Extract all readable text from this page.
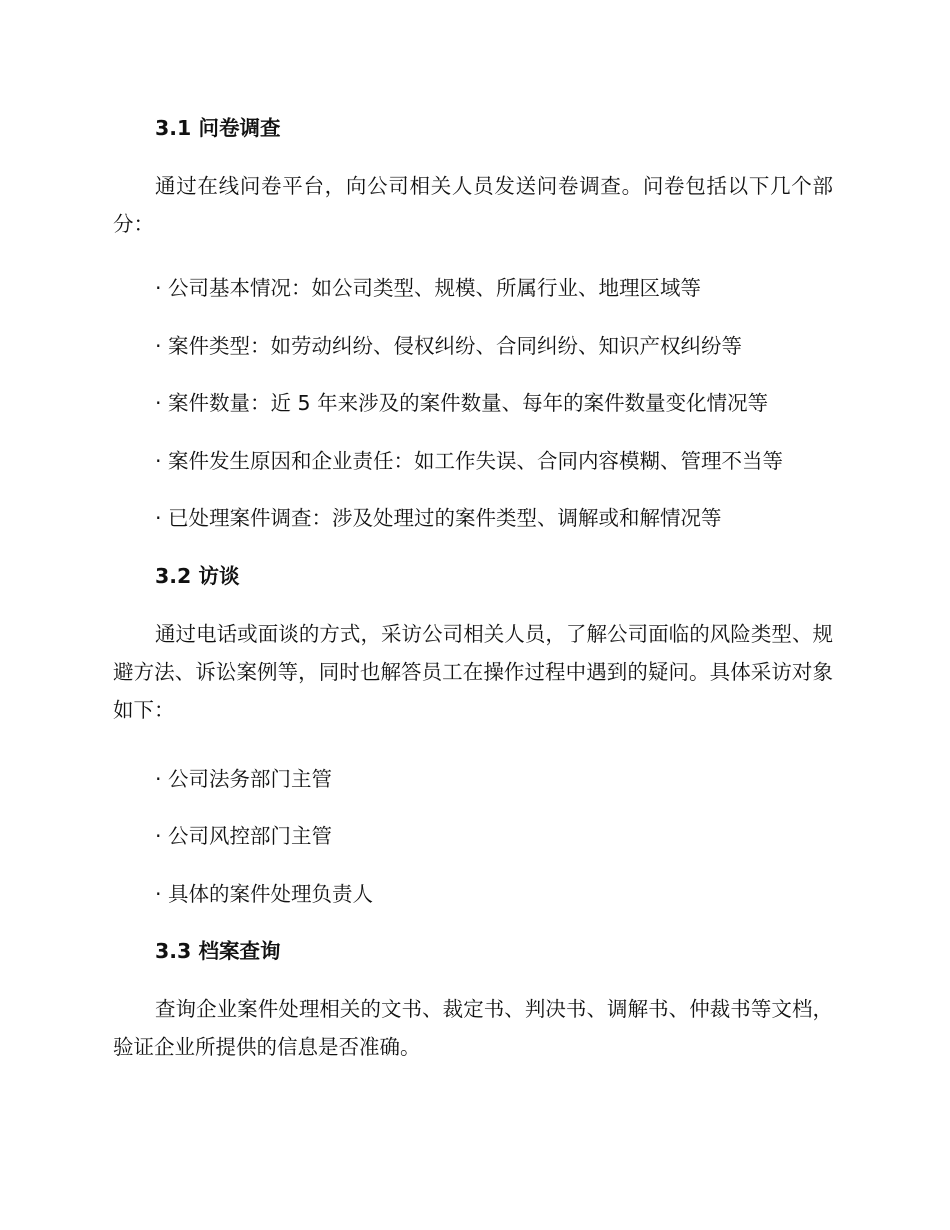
3.1 问卷调查

通过在线问卷平台，向公司相关人员发送问卷调查。问卷包括以下几个部分：

· 公司基本情况：如公司类型、规模、所属行业、地理区域等
· 案件类型：如劳动纠纷、侵权纠纷、合同纠纷、知识产权纠纷等
· 案件数量：近 5 年来涉及的案件数量、每年的案件数量变化情况等
· 案件发生原因和企业责任：如工作失误、合同内容模糊、管理不当等
· 已处理案件调查：涉及处理过的案件类型、调解或和解情况等
3.2 访谈

通过电话或面谈的方式，采访公司相关人员，了解公司面临的风险类型、规避方法、诉讼案例等，同时也解答员工在操作过程中遇到的疑问。具体采访对象如下：

· 公司法务部门主管
· 公司风控部门主管
· 具体的案件处理负责人
3.3 档案查询

查询企业案件处理相关的文书、裁定书、判决书、调解书、仲裁书等文档，验证企业所提供的信息是否准确。
